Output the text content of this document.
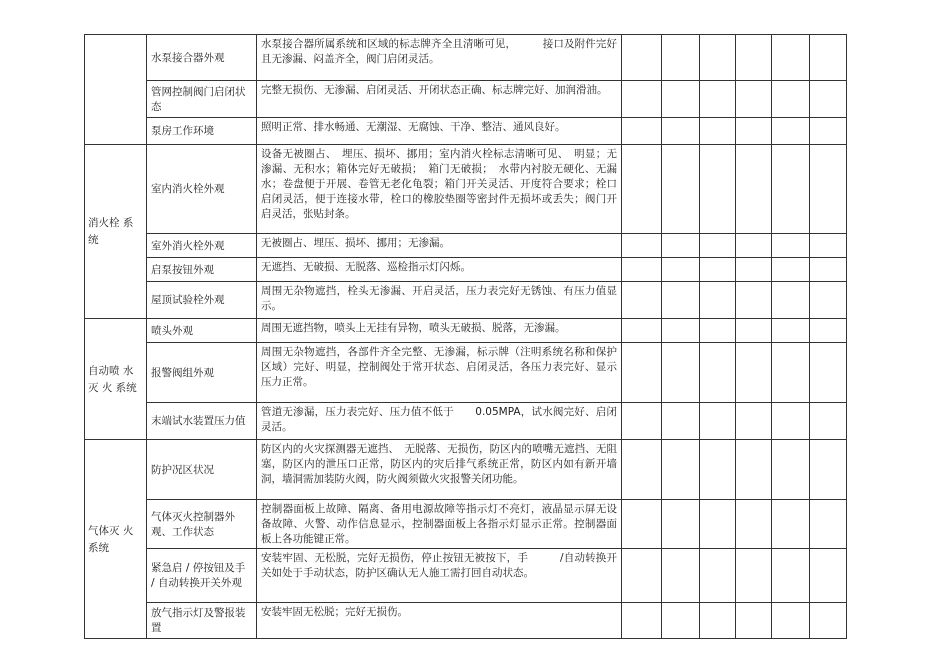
	水泵接合器外观	水泵接合器所属系统和区域的标志牌齐全且清晰可见，　　　接口及附件完好且无渗漏、闷盖齐全，阀门启闭灵活。						
	管网控制阀门启闭状态	完整无损伤、无渗漏、启闭灵活、开闭状态正确、标志牌完好、加润滑油。						
	泵房工作环境	照明正常、排水畅通、无潮湿、无腐蚀、干净、整洁、通风良好。						
消火栓 系统	室内消火栓外观	设备无被圈占、　埋压、损坏、挪用；室内消火栓标志清晰可见、　明显；无渗漏、无积水；箱体完好无破损；　箱门无破损；　水带内衬胶无硬化、无漏水；卷盘便于开展、卷管无老化龟裂；箱门开关灵活、开度符合要求；栓口启闭灵活，便于连接水带，栓口的橡胶垫圈等密封件无损坏或丢失；阀门开启灵活，张贴封条。						
	室外消火栓外观	无被圈占、埋压、损坏、挪用；无渗漏。						
	启泵按钮外观	无遮挡、无破损、无脱落、巡检指示灯闪烁。						
	屋顶试验栓外观	周围无杂物遮挡，栓头无渗漏、开启灵活，压力表完好无锈蚀、有压力值显示。						
自动喷 水灭 火 系统	喷头外观	周围无遮挡物，喷头上无挂有异物，喷头无破损、脱落，无渗漏。						
	报警阀组外观	周围无杂物遮挡，各部件齐全完整、无渗漏，标示牌（注明系统名称和保护区域）完好、明显，控制阀处于常开状态、启闭灵活，各压力表完好、显示压力正常。						
	末端试水装置压力值	管道无渗漏，压力表完好、压力值不低于　　0.05MPA，试水阀完好、启闭灵活。						
气体灭 火系统	防护况区状况	防区内的火灾探测器无遮挡、　无脱落、无损伤，防区内的喷嘴无遮挡、无阻塞，防区内的泄压口正常，防区内的灾后排气系统正常，防区内如有新开墙洞，墙洞需加装防火阀，防火阀须做火灾报警关闭功能。						
	气体灭火控制器外观、工作状态	控制器面板上故障、隔离、备用电源故障等指示灯不亮灯，液晶显示屏无设备故障、火警、动作信息显示，控制器面板上各指示灯显示正常。控制器面板上各功能键正常。						
	紧急启 / 停按钮及手 / 自动转换开关外观	安装牢固、无松脱，完好无损伤，停止按钮无被按下，手　　　/自动转换开关如处于手动状态，防护区确认无人施工需打回自动状态。						
	放气指示灯及警报装置	安装牢固无松脱；完好无损伤。						
